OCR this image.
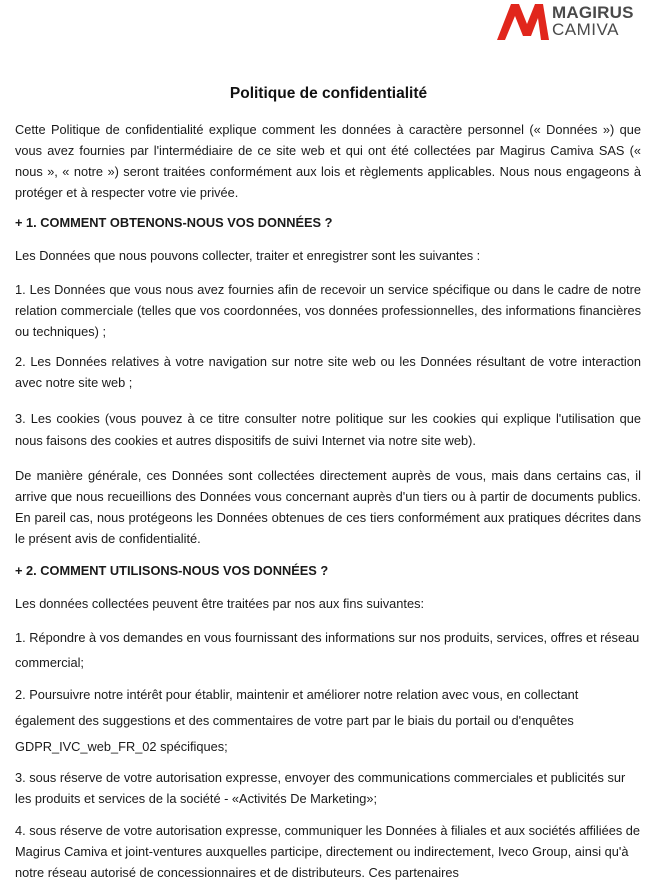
MAGIRUS
CAMIVA
Politique de confidentialité

Cette Politique de confidentialité explique comment les données à caractère personnel (« Données ») que vous avez fournies par l'intermédiaire de ce site web et qui ont été collectées par Magirus Camiva SAS (« nous », « notre ») seront traitées conformément aux lois et règlements applicables. Nous nous engageons à protéger et à respecter votre vie privée.

+ 1. COMMENT OBTENONS-NOUS VOS DONNÉES ?

Les Données que nous pouvons collecter, traiter et enregistrer sont les suivantes :

1. Les Données que vous nous avez fournies afin de recevoir un service spécifique ou dans le cadre de notre relation commerciale (telles que vos coordonnées, vos données professionnelles, des informations financières ou techniques) ;

2. Les Données relatives à votre navigation sur notre site web ou les Données résultant de votre interaction avec notre site web ;

3. Les cookies (vous pouvez à ce titre consulter notre politique sur les cookies qui explique l'utilisation que nous faisons des cookies et autres dispositifs de suivi Internet via notre site web).

De manière générale, ces Données sont collectées directement auprès de vous, mais dans certains cas, il arrive que nous recueillions des Données vous concernant auprès d'un tiers ou à partir de documents publics. En pareil cas, nous protégeons les Données obtenues de ces tiers conformément aux pratiques décrites dans le présent avis de confidentialité.

+ 2. COMMENT UTILISONS-NOUS VOS DONNÉES ?

Les données collectées peuvent être traitées par nos aux fins suivantes:

1. Répondre à vos demandes en vous fournissant des informations sur nos produits, services, offres et réseau commercial;

2. Poursuivre notre intérêt pour établir, maintenir et améliorer notre relation avec vous, en collectant également des suggestions et des commentaires de votre part par le biais du portail ou d'enquêtes GDPR_IVC_web_FR_02 spécifiques;

3. sous réserve de votre autorisation expresse, envoyer des communications commerciales et publicités sur les produits et services de la société - «Activités De Marketing»;

4. sous réserve de votre autorisation expresse, communiquer les Données à filiales et aux sociétés affiliées de Magirus Camiva et joint-ventures auxquelles participe, directement ou indirectement, Iveco Group, ainsi qu'à notre réseau autorisé de concessionnaires et de distributeurs. Ces partenaires
